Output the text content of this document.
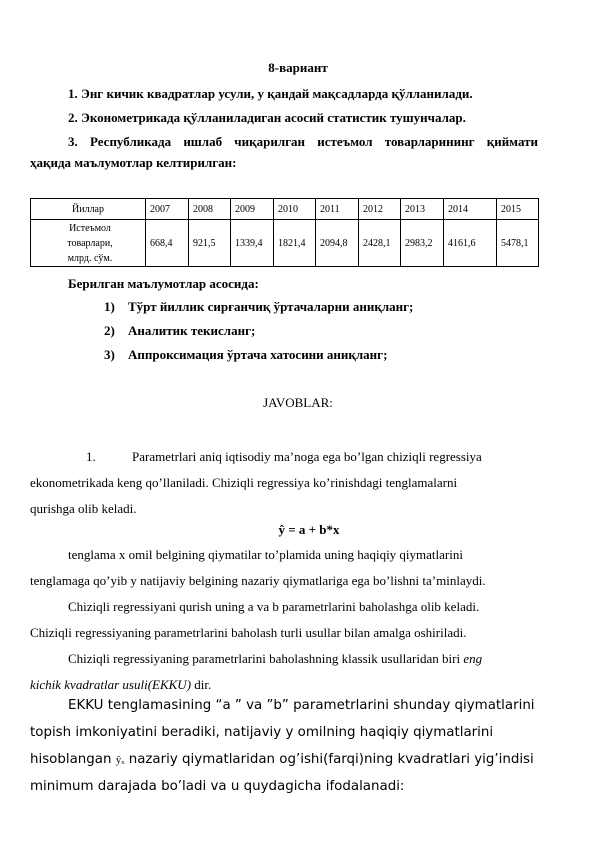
8-вариант
1. Энг кичик квадратлар усули, у қандай мақсадларда қўлланилади.
2. Эконометрикада қўлланиладиган асосий статистик тушунчалар.
3. Республикада ишлаб чиқарилган истеъмол товарларининг қиймати
ҳақида маълумотлар келтирилган:
Йиллар	2007	2008	2009	2010	2011	2012	2013	2014	2015

Истеъмол
товарлари,
млрд. сўм.	668,4	921,5	1339,4	1821,4	2094,8	2428,1	2983,2	4161,6	5478,1
Берилган маълумотлар асосида:
1) Тўрт йиллик сирғанчиқ ўртачаларни аниқланг;
2) Аналитик текисланг;
3) Аппроксимация ўртача хатосини аниқланг;
JAVOBLAR:
1.	Parametrlari aniq iqtisodiy ma’noga ega bo’lgan chiziqli regressiya
ekonometrikada keng qo’llaniladi. Chiziqli regressiya ko’rinishdagi tenglamalarni
qurishga olib keladi.
ŷ = a + b*x
tenglama x omil belgining qiymatilar to’plamida uning haqiqiy qiymatlarini
tenglamaga qo’yib y natijaviy belgining nazariy qiymatlariga ega bo’lishni ta’minlaydi.
Chiziqli regressiyani qurish uning a va b parametrlarini baholashga olib keladi.
Chiziqli regressiyaning parametrlarini baholash turli usullar bilan amalga oshiriladi.
Chiziqli regressiyaning parametrlarini baholashning klassik usullaridan biri eng
kichik kvadratlar usuli(EKKU) dir.
EKKU tenglamasining “a ” va ”b” parametrlarini shunday qiymatlarini
topish imkoniyatini beradiki, natijaviy y omilning haqiqiy qiymatlarini
hisoblangan ŷₓ nazariy qiymatlaridan og’ishi(farqi)ning kvadratlari yig’indisi
minimum darajada bo’ladi va u quydagicha ifodalanadi:
